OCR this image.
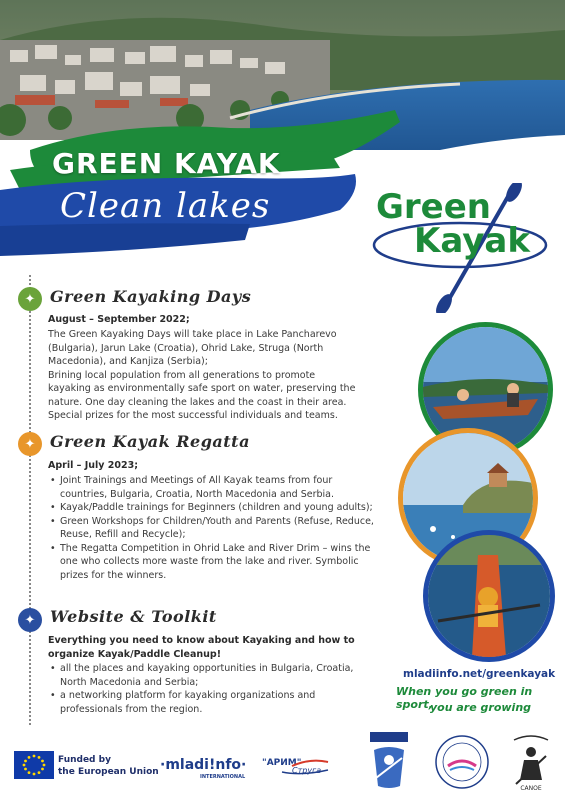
GREEN KAYAK
Clean lakes	Green
Kayak
✦ Green Kayaking Days
August – September 2022;
The Green Kayaking Days will take place in Lake Pancharevo
(Bulgaria), Jarun Lake (Croatia), Ohrid Lake, Struga (North
Macedonia), and Kanjiza (Serbia);
Brining local population from all generations to promote
kayaking as environmentally safe sport on water, preserving the
nature. One day cleaning the lakes and the coast in their area.
Special prizes for the most successful individuals and teams.
✦ Green Kayak Regatta
April – July 2023;
• Joint Trainings and Meetings of All Kayak teams from four countries, Bulgaria, Croatia, North Macedonia and Serbia.
• Kayak/Paddle trainings for Beginners (children and young adults);
• Green Workshops for Children/Youth and Parents (Refuse, Reduce, Reuse, Refill and Recycle);
• The Regatta Competition in Ohrid Lake and River Drim – wins the one who collects more waste from the lake and river. Symbolic prizes for the winners.
✦ Website & Toolkit
Everything you need to know about Kayaking and how to organize Kayak/Paddle Cleanup!
• all the places and kayaking opportunities in Bulgaria, Croatia, North Macedonia and Serbia;
• a networking platform for kayaking organizations and professionals from the region.
mladiinfo.net/greenkayak
When you go green in sport,
you are growing
Funded by
the European Union ·mladi!nfo·
INTERNATIONAL
"АРИМ"
Струга
CANOE
